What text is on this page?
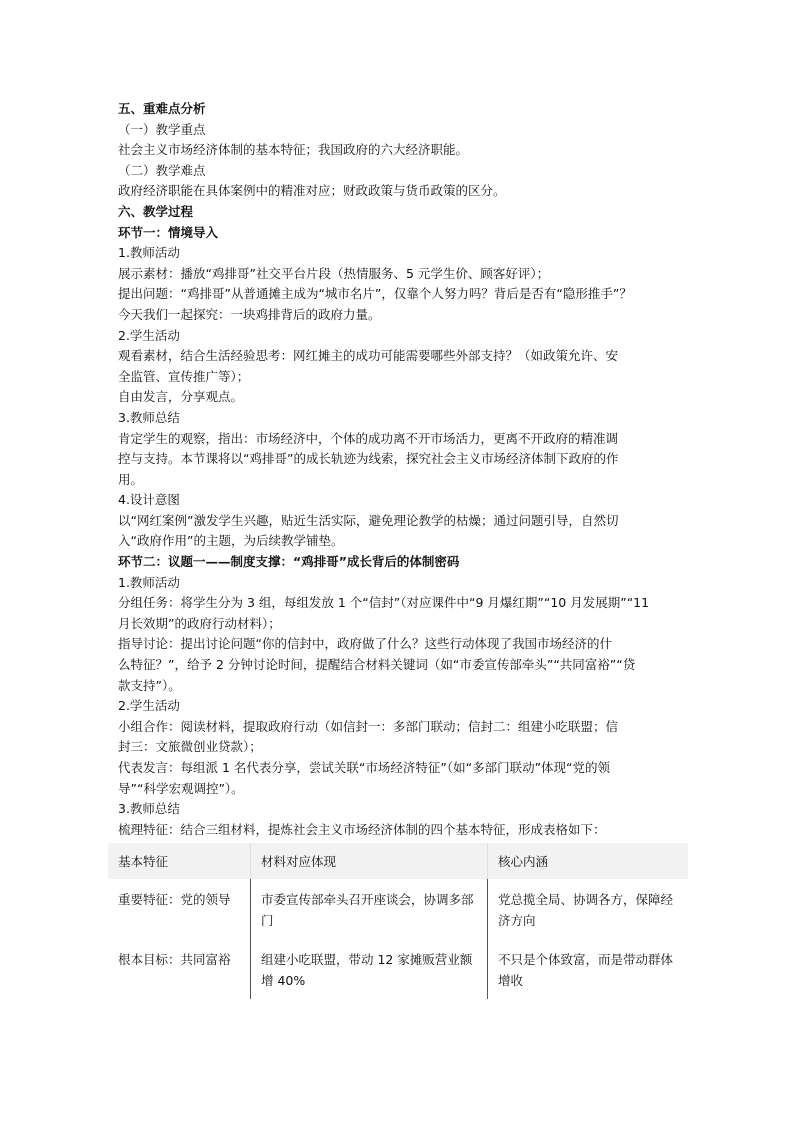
五、重难点分析
（一）教学重点
社会主义市场经济体制的基本特征；我国政府的六大经济职能。
（二）教学难点
政府经济职能在具体案例中的精准对应；财政政策与货币政策的区分。
六、教学过程
环节一：情境导入
1.教师活动
展示素材：播放“鸡排哥”社交平台片段（热情服务、5 元学生价、顾客好评）；
提出问题：“鸡排哥”从普通摊主成为“城市名片”，仅靠个人努力吗？背后是否有“隐形推手”？
今天我们一起探究：一块鸡排背后的政府力量。
2.学生活动
观看素材，结合生活经验思考：网红摊主的成功可能需要哪些外部支持？（如政策允许、安
全监管、宣传推广等）；
自由发言，分享观点。
3.教师总结
肯定学生的观察，指出：市场经济中，个体的成功离不开市场活力，更离不开政府的精准调
控与支持。本节课将以“鸡排哥”的成长轨迹为线索，探究社会主义市场经济体制下政府的作
用。
4.设计意图
以“网红案例”激发学生兴趣，贴近生活实际，避免理论教学的枯燥；通过问题引导，自然切
入“政府作用”的主题，为后续教学铺垫。
环节二：议题一——制度支撑：“鸡排哥”成长背后的体制密码
1.教师活动
分组任务：将学生分为 3 组，每组发放 1 个“信封”（对应课件中“9 月爆红期”“10 月发展期”“11
月长效期”的政府行动材料）；
指导讨论：提出讨论问题“你的信封中，政府做了什么？这些行动体现了我国市场经济的什
么特征？”，给予 2 分钟讨论时间，提醒结合材料关键词（如“市委宣传部牵头”“共同富裕”“贷
款支持”）。
2.学生活动
小组合作：阅读材料，提取政府行动（如信封一：多部门联动；信封二：组建小吃联盟；信
封三：文旅微创业贷款）；
代表发言：每组派 1 名代表分享，尝试关联“市场经济特征”（如“多部门联动”体现“党的领
导”“科学宏观调控”）。
3.教师总结
梳理特征：结合三组材料，提炼社会主义市场经济体制的四个基本特征，形成表格如下：
基本特征	材料对应体现	核心内涵
重要特征：党的领导	市委宣传部牵头召开座谈会，协调多部门	党总揽全局、协调各方，保障经济方向
根本目标：共同富裕	组建小吃联盟，带动 12 家摊贩营业额增 40%	不只是个体致富，而是带动群体增收
